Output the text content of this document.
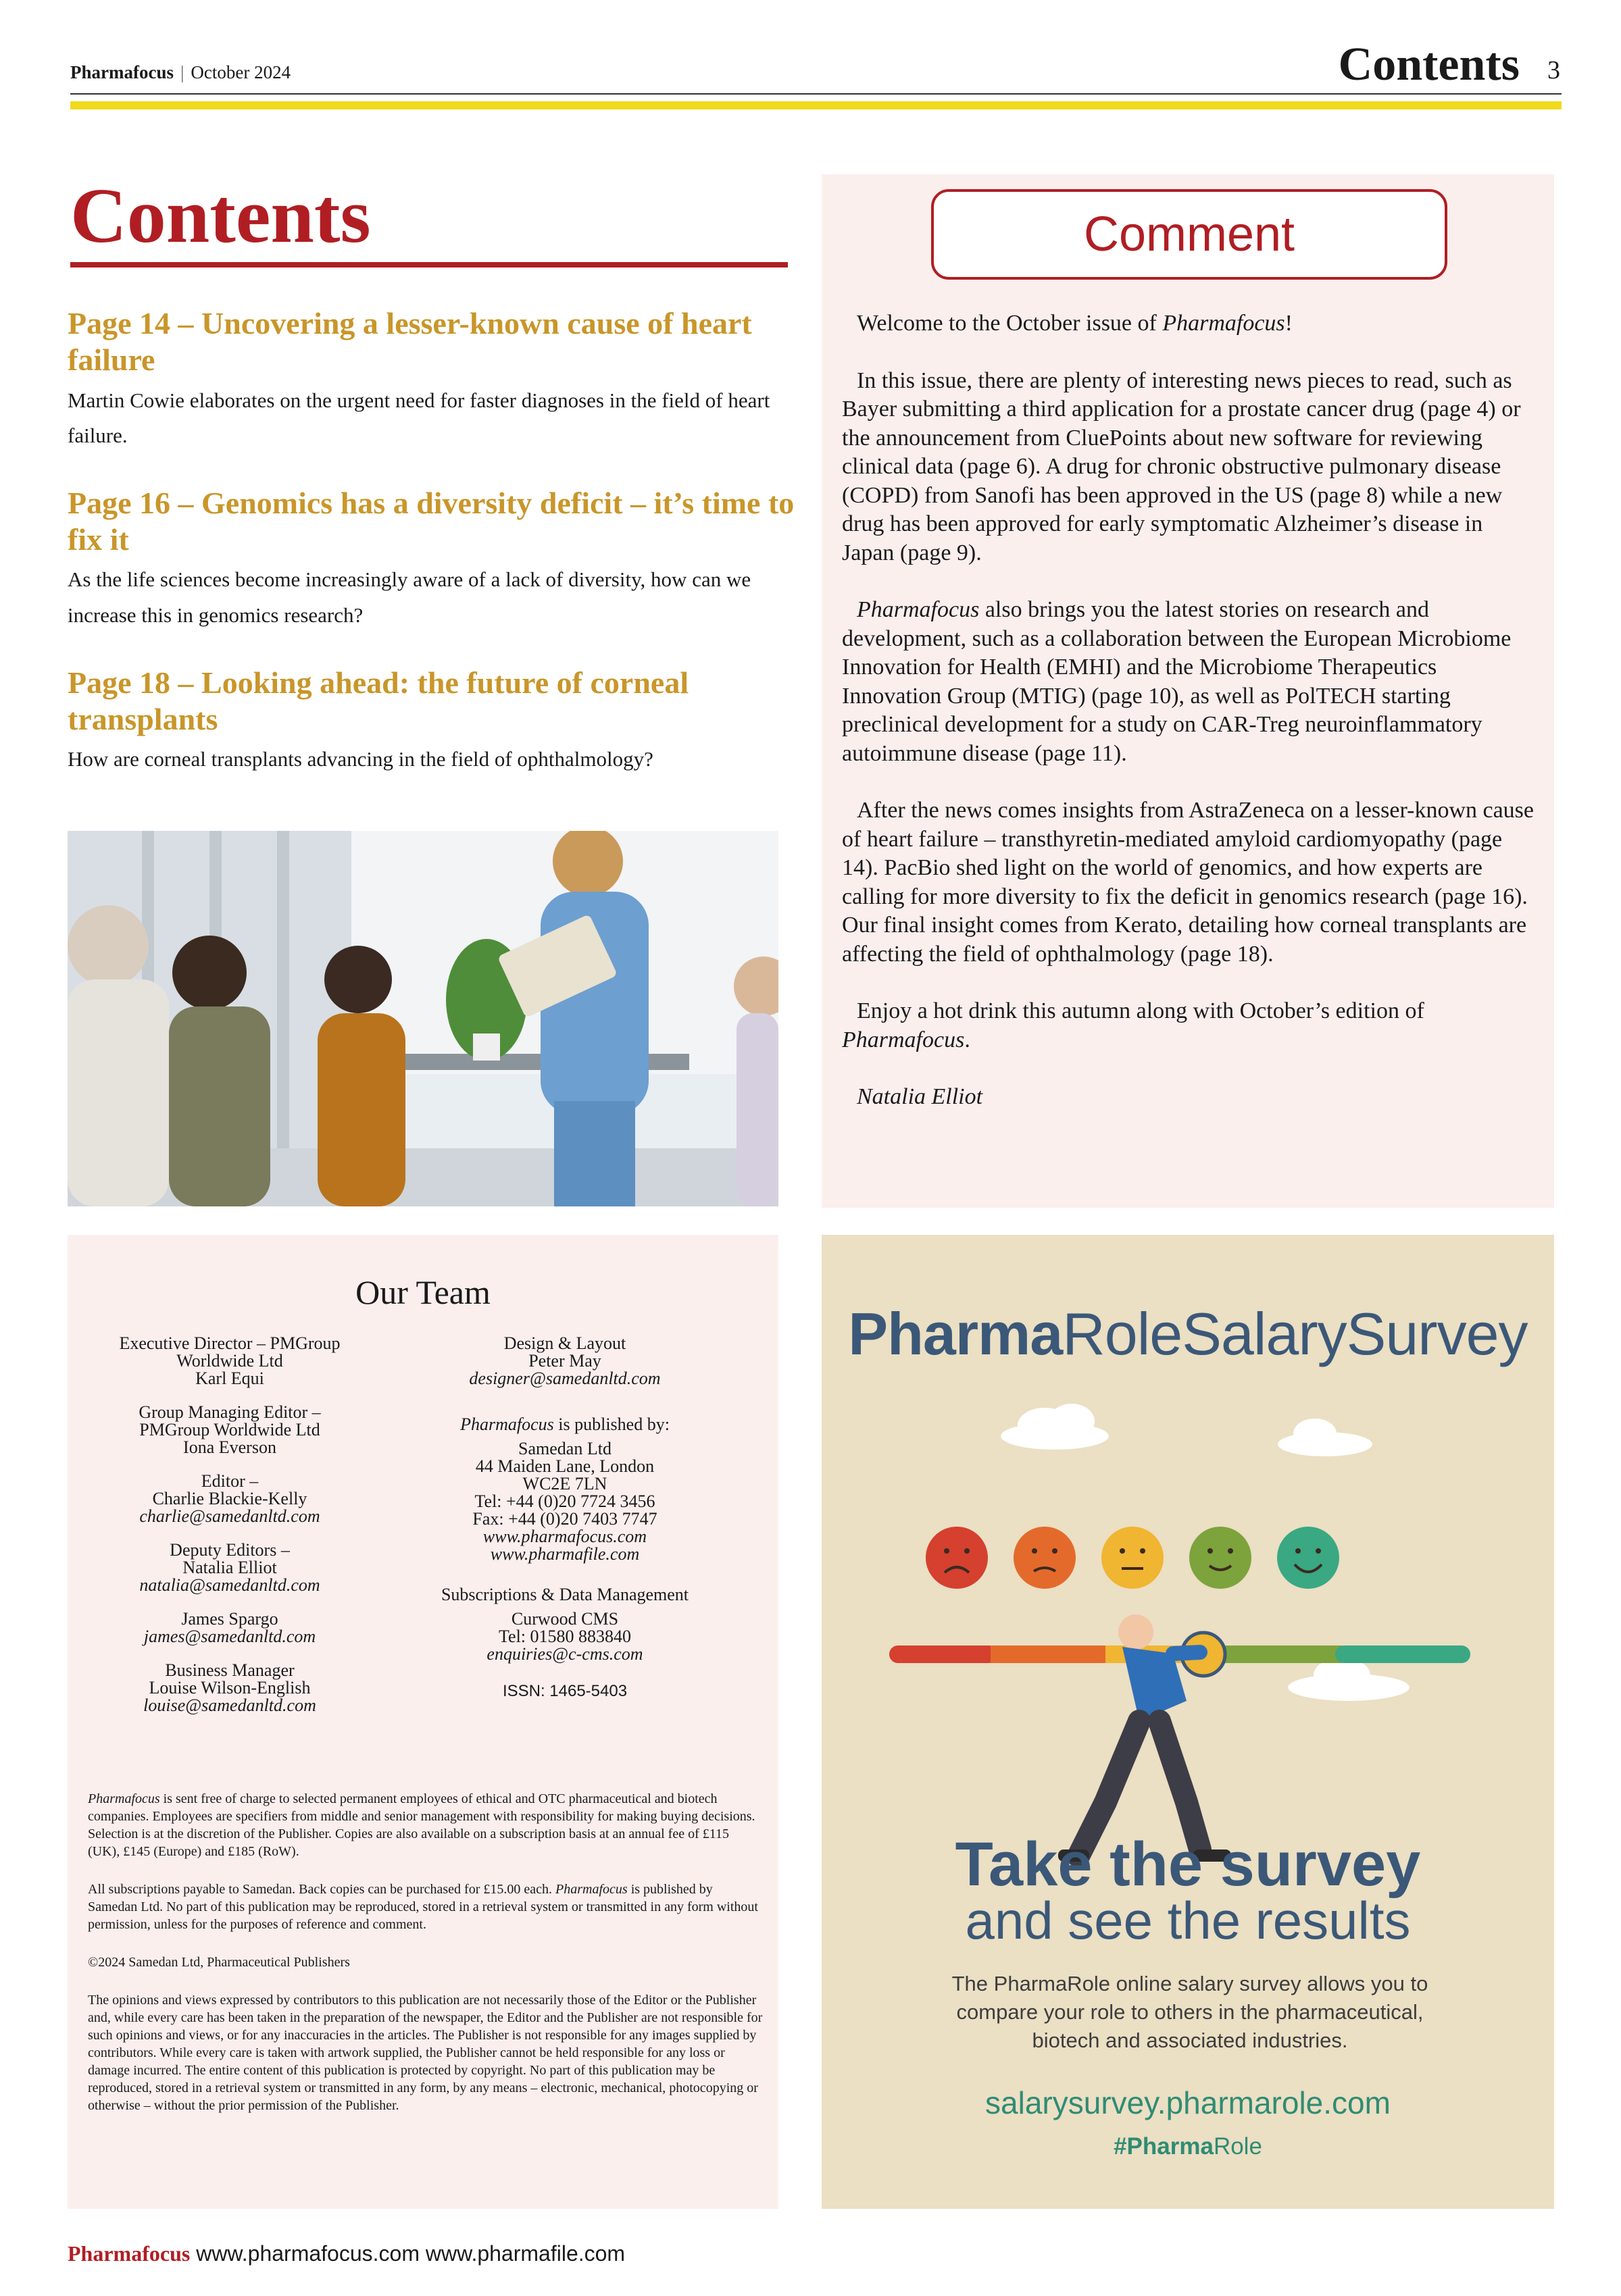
Pharmafocus | October 2024	Contents 3
Contents
Page 14 – Uncovering a lesser-known cause of heart failure
Martin Cowie elaborates on the urgent need for faster diagnoses in the field of heart failure.
Page 16 – Genomics has a diversity deficit – it’s time to fix it
As the life sciences become increasingly aware of a lack of diversity, how can we increase this in genomics research?
Page 18 – Looking ahead: the future of corneal transplants
How are corneal transplants advancing in the field of ophthalmology?
Comment

Welcome to the October issue of Pharmafocus!

In this issue, there are plenty of interesting news pieces to read, such as Bayer submitting a third application for a prostate cancer drug (page 4) or the announcement from CluePoints about new software for reviewing clinical data (page 6). A drug for chronic obstructive pulmonary disease (COPD) from Sanofi has been approved in the US (page 8) while a new drug has been approved for early symptomatic Alzheimer’s disease in Japan (page 9).

Pharmafocus also brings you the latest stories on research and development, such as a collaboration between the European Microbiome Innovation for Health (EMHI) and the Microbiome Therapeutics Innovation Group (MTIG) (page 10), as well as PolTECH starting preclinical development for a study on CAR-Treg neuroinflammatory autoimmune disease (page 11).

After the news comes insights from AstraZeneca on a lesser-known cause of heart failure – transthyretin-mediated amyloid cardiomyopathy (page 14). PacBio shed light on the world of genomics, and how experts are calling for more diversity to fix the deficit in genomics research (page 16). Our final insight comes from Kerato, detailing how corneal transplants are affecting the field of ophthalmology (page 18).

Enjoy a hot drink this autumn along with October’s edition of Pharmafocus.

Natalia Elliot

Our Team
Executive Director – PMGroup
Worldwide Ltd
Karl Equi
Group Managing Editor –
PMGroup Worldwide Ltd
Iona Everson
Editor –
Charlie Blackie-Kelly
charlie@samedanltd.com
Deputy Editors –
Natalia Elliot
natalia@samedanltd.com
James Spargo
james@samedanltd.com
Business Manager
Louise Wilson-English
louise@samedanltd.com
Design & Layout
Peter May
designer@samedanltd.com
Pharmafocus is published by:
Samedan Ltd
44 Maiden Lane, London
WC2E 7LN
Tel: +44 (0)20 7724 3456
Fax: +44 (0)20 7403 7747
www.pharmafocus.com
www.pharmafile.com
Subscriptions & Data Management
Curwood CMS
Tel: 01580 883840
enquiries@c-cms.com
ISSN: 1465-5403

Pharmafocus is sent free of charge to selected permanent employees of ethical and OTC pharmaceutical and biotech companies. Employees are specifiers from middle and senior management with responsibility for making buying decisions. Selection is at the discretion of the Publisher. Copies are also available on a subscription basis at an annual fee of £115 (UK), £145 (Europe) and £185 (RoW).

All subscriptions payable to Samedan. Back copies can be purchased for £15.00 each. Pharmafocus is published by Samedan Ltd. No part of this publication may be reproduced, stored in a retrieval system or transmitted in any form without permission, unless for the purposes of reference and comment.

©2024 Samedan Ltd, Pharmaceutical Publishers

The opinions and views expressed by contributors to this publication are not necessarily those of the Editor or the Publisher and, while every care has been taken in the preparation of the newspaper, the Editor and the Publisher are not responsible for such opinions and views, or for any inaccuracies in the articles. The Publisher is not responsible for any images supplied by contributors. While every care is taken with artwork supplied, the Publisher cannot be held responsible for any loss or damage incurred. The entire content of this publication is protected by copyright. No part of this publication may be reproduced, stored in a retrieval system or transmitted in any form, by any means – electronic, mechanical, photocopying or otherwise – without the prior permission of the Publisher.

PharmaRoleSalarySurvey
Take the survey
and see the results
The PharmaRole online salary survey allows you to compare your role to others in the pharmaceutical, biotech and associated industries.
salarysurvey.pharmarole.com
#PharmaRole
Pharmafocus www.pharmafocus.com www.pharmafile.com
